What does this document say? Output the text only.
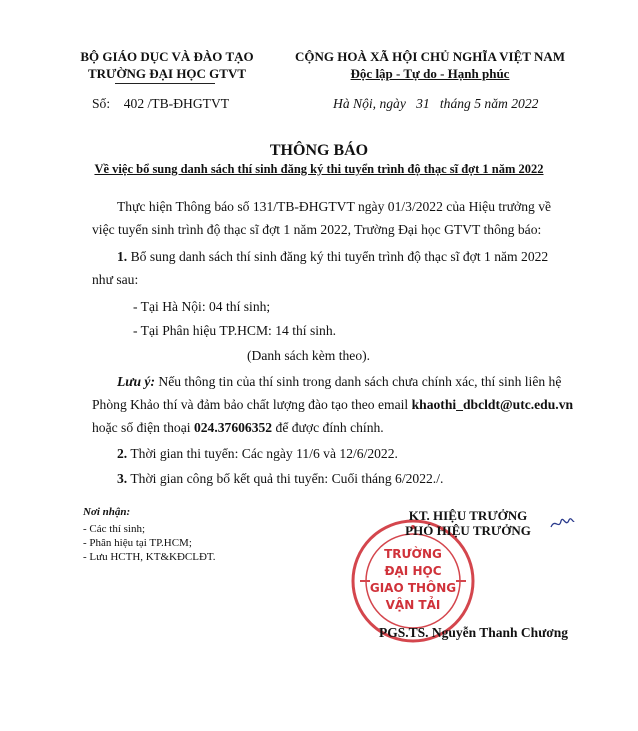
BỘ GIÁO DỤC VÀ ĐÀO TẠO
TRƯỜNG ĐẠI HỌC GTVT
CỘNG HOÀ XÃ HỘI CHỦ NGHĨA VIỆT NAM
Độc lập - Tự do - Hạnh phúc
Số: 402 /TB-ĐHGTVT	Hà Nội, ngày 31 tháng 5 năm 2022
THÔNG BÁO
Về việc bổ sung danh sách thí sinh đăng ký thi tuyển trình độ thạc sĩ đợt 1 năm 2022
Thực hiện Thông báo số 131/TB-ĐHGTVT ngày 01/3/2022 của Hiệu trưởng về
việc tuyển sinh trình độ thạc sĩ đợt 1 năm 2022, Trường Đại học GTVT thông báo:
1. Bổ sung danh sách thí sinh đăng ký thi tuyển trình độ thạc sĩ đợt 1 năm 2022
như sau:
- Tại Hà Nội: 04 thí sinh;
- Tại Phân hiệu TP.HCM: 14 thí sinh.
(Danh sách kèm theo).
Lưu ý: Nếu thông tin của thí sinh trong danh sách chưa chính xác, thí sinh liên hệ
Phòng Khảo thí và đảm bảo chất lượng đào tạo theo email khaothi_dbcldt@utc.edu.vn
hoặc số điện thoại 024.37606352 để được đính chính.
2. Thời gian thi tuyển: Các ngày 11/6 và 12/6/2022.
3. Thời gian công bố kết quả thi tuyển: Cuối tháng 6/2022./.
Nơi nhận:
- Các thí sinh;
- Phân hiệu tại TP.HCM;
- Lưu HCTH, KT&KĐCLĐT.	TRƯỜNG
ĐẠI HỌC
GIAO THÔNG
VẬN TẢI
KT. HIỆU TRƯỞNG
PHÓ HIỆU TRƯỞNG
PGS.TS. Nguyễn Thanh Chương
